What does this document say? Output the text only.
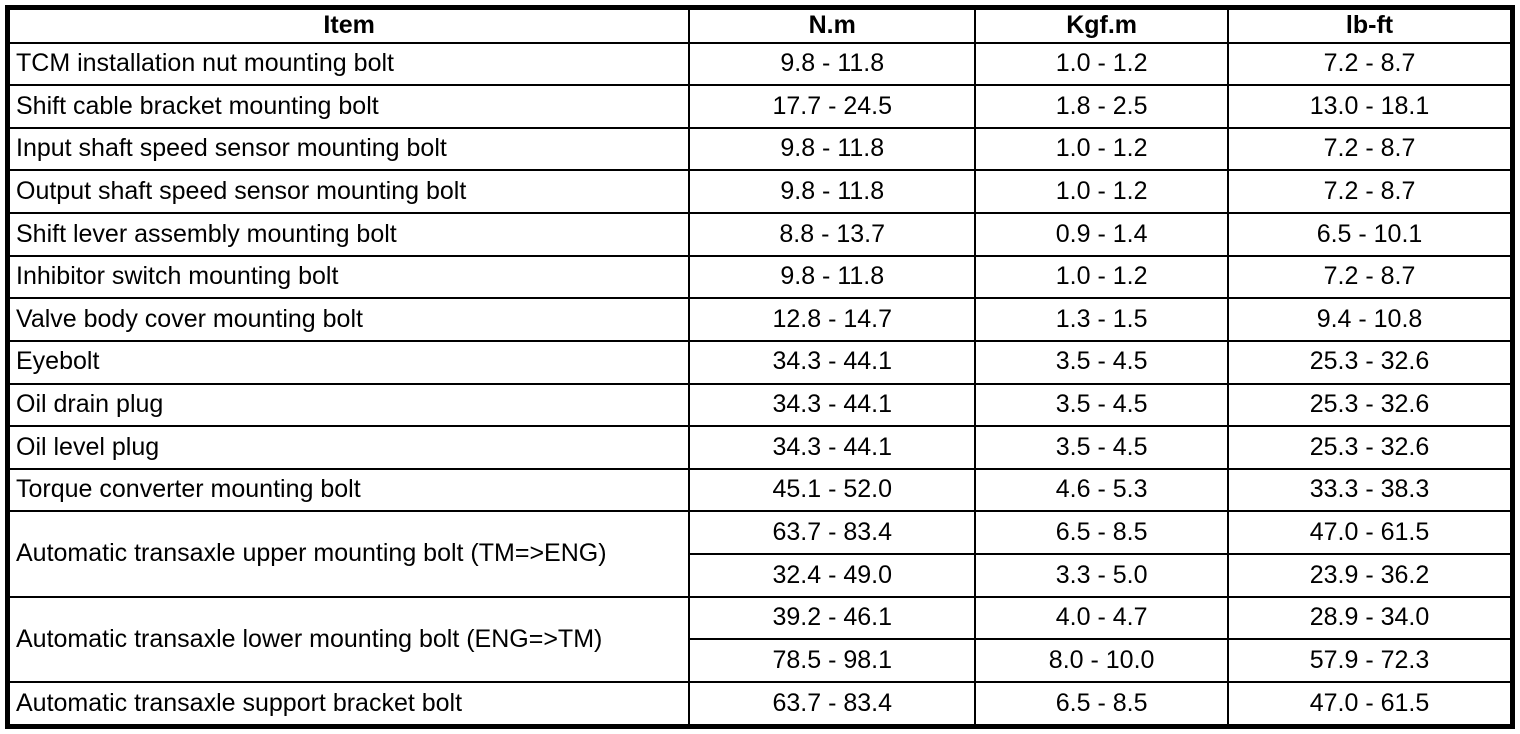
Item	N.m	Kgf.m	lb-ft
TCM installation nut mounting bolt	9.8 - 11.8	1.0 - 1.2	7.2 - 8.7
Shift cable bracket mounting bolt	17.7 - 24.5	1.8 - 2.5	13.0 - 18.1
Input shaft speed sensor mounting bolt	9.8 - 11.8	1.0 - 1.2	7.2 - 8.7
Output shaft speed sensor mounting bolt	9.8 - 11.8	1.0 - 1.2	7.2 - 8.7
Shift lever assembly mounting bolt	8.8 - 13.7	0.9 - 1.4	6.5 - 10.1
Inhibitor switch mounting bolt	9.8 - 11.8	1.0 - 1.2	7.2 - 8.7
Valve body cover mounting bolt	12.8 - 14.7	1.3 - 1.5	9.4 - 10.8
Eyebolt	34.3 - 44.1	3.5 - 4.5	25.3 - 32.6
Oil drain plug	34.3 - 44.1	3.5 - 4.5	25.3 - 32.6
Oil level plug	34.3 - 44.1	3.5 - 4.5	25.3 - 32.6
Torque converter mounting bolt	45.1 - 52.0	4.6 - 5.3	33.3 - 38.3
Automatic transaxle upper mounting bolt (TM=>ENG)	63.7 - 83.4	6.5 - 8.5	47.0 - 61.5
	32.4 - 49.0	3.3 - 5.0	23.9 - 36.2
Automatic transaxle lower mounting bolt (ENG=>TM)	39.2 - 46.1	4.0 - 4.7	28.9 - 34.0
	78.5 - 98.1	8.0 - 10.0	57.9 - 72.3
Automatic transaxle support bracket bolt	63.7 - 83.4	6.5 - 8.5	47.0 - 61.5
